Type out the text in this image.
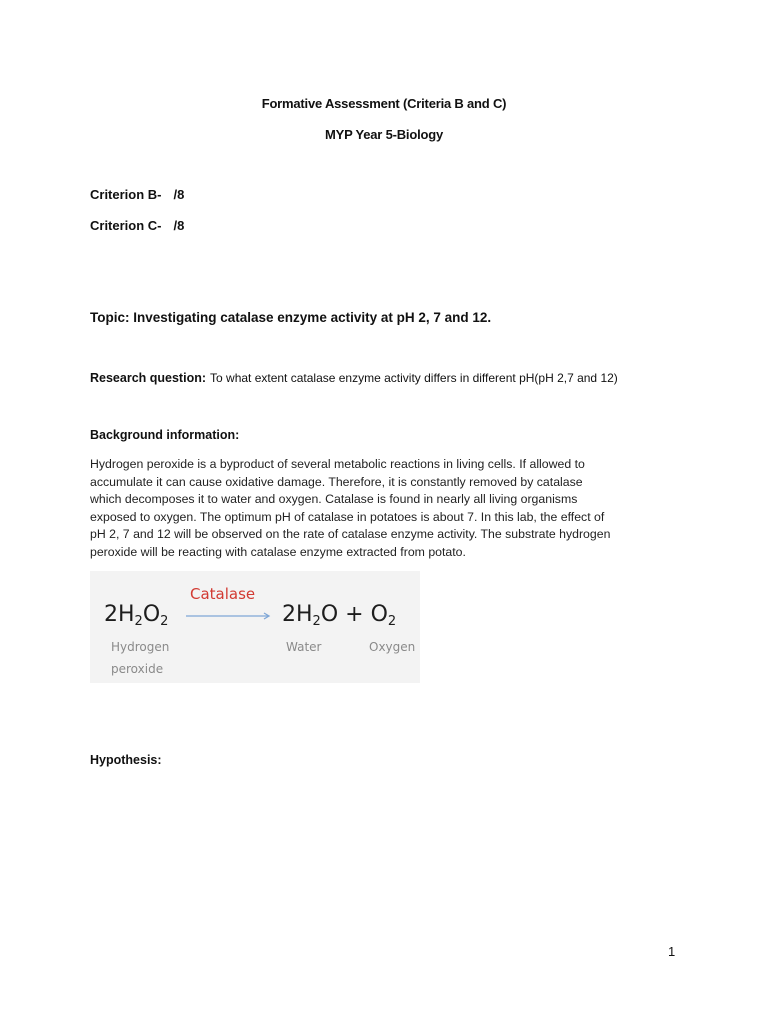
Formative Assessment (Criteria B and C)
MYP Year 5-Biology
Criterion B- /8
Criterion C- /8
Topic: Investigating catalase enzyme activity at pH 2, 7 and 12.
Research question: To what extent catalase enzyme activity differs in different pH(pH 2,7 and 12)
Background information:
Hydrogen peroxide is a byproduct of several metabolic reactions in living cells. If allowed to
accumulate it can cause oxidative damage. Therefore, it is constantly removed by catalase
which decomposes it to water and oxygen. Catalase is found in nearly all living organisms
exposed to oxygen. The optimum pH of catalase in potatoes is about 7. In this lab, the effect of
pH 2, 7 and 12 will be observed on the rate of catalase enzyme activity. The substrate hydrogen
peroxide will be reacting with catalase enzyme extracted from potato.
$2H_2O_2$
Catalase
$2H_2O + O_2$
Hydrogen
peroxide
Water	Oxygen
Hypothesis:
1
